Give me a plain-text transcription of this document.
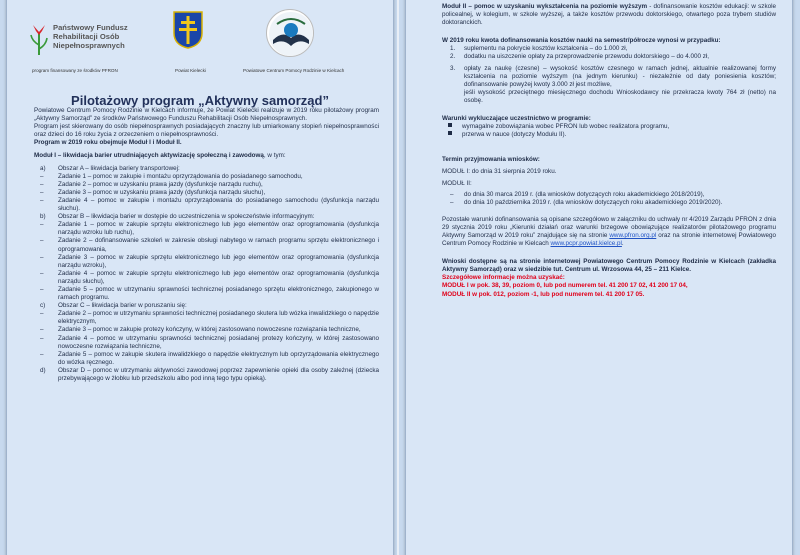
Państwowy Fundusz
Rehabilitacji Osób
Niepełnosprawnych
program finansowany ze środków PFRON	Powiat Kielecki	Powiatowe Centrum Pomocy Rodzinie w Kielcach
Pilotażowy program „Aktywny samorząd”

Powiatowe Centrum Pomocy Rodzinie w Kielcach informuje, że Powiat Kielecki realizuje w 2019 roku pilotażowy program „Aktywny Samorząd” ze środków Państwowego Funduszu Rehabilitacji Osób Niepełnosprawnych.

Program jest skierowany do osób niepełnosprawnych posiadających znaczny lub umiarkowany stopień niepełnosprawności oraz dzieci do 16 roku życia z orzeczeniem o niepełnosprawności.

Program w 2019 roku obejmuje Moduł I i Moduł II.

Moduł I – likwidacja barier utrudniających aktywizację społeczną i zawodową, w tym:

a)	Obszar A – likwidacja bariery transportowej:
–	Zadanie 1 – pomoc w zakupie i montażu oprzyrządowania do posiadanego samochodu,
–	Zadanie 2 – pomoc w uzyskaniu prawa jazdy (dysfunkcje narządu ruchu),
–	Zadanie 3 – pomoc w uzyskaniu prawa jazdy (dysfunkcja narządu słuchu),
–	Zadanie 4 – pomoc w zakupie i montażu oprzyrządowania do posiadanego samochodu (dysfunkcja narządu słuchu).
b)	Obszar B – likwidacja barier w dostępie do uczestniczenia w społeczeństwie informacyjnym:
–	Zadanie 1 – pomoc w zakupie sprzętu elektronicznego lub jego elementów oraz oprogramowania (dysfunkcja narządu wzroku lub ruchu),
–	Zadanie 2 – dofinansowanie szkoleń w zakresie obsługi nabytego w ramach programu sprzętu elektronicznego i oprogramowania,
–	Zadanie 3 – pomoc w zakupie sprzętu elektronicznego lub jego elementów oraz oprogramowania (dysfunkcja narządu wzroku),
–	Zadanie 4 – pomoc w zakupie sprzętu elektronicznego lub jego elementów oraz oprogramowania (dysfunkcja narządu słuchu),
–	Zadanie 5 – pomoc w utrzymaniu sprawności technicznej posiadanego sprzętu elektronicznego, zakupionego w ramach programu.
c)	Obszar C – likwidacja barier w poruszaniu się:
–	Zadanie 2 – pomoc w utrzymaniu sprawności technicznej posiadanego skutera lub wózka inwalidzkiego o napędzie elektrycznym,
–	Zadanie 3 – pomoc w zakupie protezy kończyny, w której zastosowano nowoczesne rozwiązania techniczne,
–	Zadanie 4 – pomoc w utrzymaniu sprawności technicznej posiadanej protezy kończyny, w której zastosowano nowoczesne rozwiązania techniczne,
–	Zadanie 5 – pomoc w zakupie skutera inwalidzkiego o napędzie elektrycznym lub oprzyrządowania elektrycznego do wózka ręcznego.
d)	Obszar D – pomoc w utrzymaniu aktywności zawodowej poprzez zapewnienie opieki dla osoby zależnej (dziecka przebywającego w żłobku lub przedszkolu albo pod inną tego typu opieką).

Moduł II – pomoc w uzyskaniu wykształcenia na poziomie wyższym - dofinansowanie kosztów edukacji: w szkole policealnej, w kolegium, w szkole wyższej, a także kosztów przewodu doktorskiego, otwartego poza trybem studiów doktoranckich.

W 2019 roku kwota dofinansowania kosztów nauki na semestr/półrocze wynosi w przypadku:

1.	suplementu na pokrycie kosztów kształcenia – do 1.000 zł,
2.	dodatku na uiszczenie opłaty za przeprowadzenie przewodu doktorskiego – do 4.000 zł,
3.	opłaty za naukę (czesne) – wysokość kosztów czesnego w ramach jednej, aktualnie realizowanej formy kształcenia na poziomie wyższym (na jednym kierunku) - niezależnie od daty poniesienia kosztów; dofinansowanie powyżej kwoty 3.000 zł jest możliwe,
jeśli wysokość przeciętnego miesięcznego dochodu Wnioskodawcy nie przekracza kwoty 764 zł (netto) na osobę.

Warunki wykluczające uczestnictwo w programie:

wymagalne zobowiązania wobec PFRON lub wobec realizatora programu,
przerwa w nauce (dotyczy Modułu II).

Termin przyjmowania wniosków:

MODUŁ I: do dnia 31 sierpnia 2019 roku.

MODUŁ II:

–	do dnia 30 marca 2019 r. (dla wniosków dotyczących roku akademickiego 2018/2019),
–	do dnia 10 października 2019 r. (dla wniosków dotyczących roku akademickiego 2019/2020).

Pozostałe warunki dofinansowania są opisane szczegółowo w załączniku do uchwały nr 4/2019 Zarządu PFRON z dnia 29 stycznia 2019 roku „Kierunki działań oraz warunki brzegowe obowiązujące realizatorów pilotażowego programu Aktywny Samorząd w 2019 roku” znajdujące się na stronie www.pfron.org.pl oraz na stronie internetowej Powiatowego Centrum Pomocy Rodzinie w Kielcach www.pcpr.powiat.kielce.pl.

Wnioski dostępne są na stronie internetowej Powiatowego Centrum Pomocy Rodzinie w Kielcach (zakładka Aktywny Samorząd) oraz w siedzibie tut. Centrum ul. Wrzosowa 44, 25 – 211 Kielce.

Szczegółowe informacje można uzyskać:

MODUŁ I w pok. 38, 39, poziom 0, lub pod numerem tel. 41 200 17 02, 41 200 17 04,

MODUŁ II w pok. 012, poziom -1, lub pod numerem tel. 41 200 17 05.
